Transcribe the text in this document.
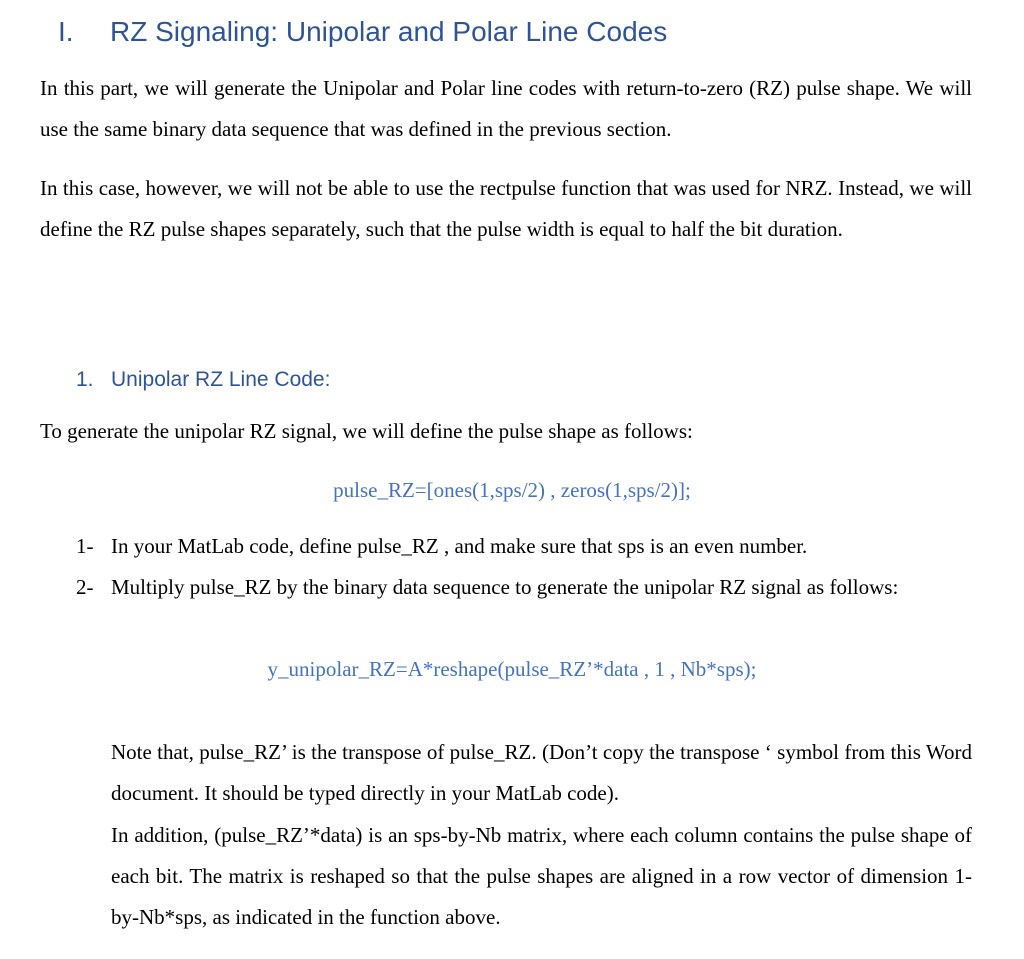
I. RZ Signaling: Unipolar and Polar Line Codes
In this part, we will generate the Unipolar and Polar line codes with return-to-zero (RZ) pulse shape. We will use the same binary data sequence that was defined in the previous section.
In this case, however, we will not be able to use the rectpulse function that was used for NRZ. Instead, we will define the RZ pulse shapes separately, such that the pulse width is equal to half the bit duration.
1. Unipolar RZ Line Code:
To generate the unipolar RZ signal, we will define the pulse shape as follows:
pulse_RZ=[ones(1,sps/2) , zeros(1,sps/2)];
1- In your MatLab code, define pulse_RZ , and make sure that sps is an even number.
2- Multiply pulse_RZ by the binary data sequence to generate the unipolar RZ signal as follows:
y_unipolar_RZ=A*reshape(pulse_RZ’*data , 1 , Nb*sps);
Note that, pulse_RZ’ is the transpose of pulse_RZ. (Don’t copy the transpose ‘ symbol from this Word document. It should be typed directly in your MatLab code).
In addition, (pulse_RZ’*data) is an sps-by-Nb matrix, where each column contains the pulse shape of each bit. The matrix is reshaped so that the pulse shapes are aligned in a row vector of dimension 1-by-Nb*sps, as indicated in the function above.
